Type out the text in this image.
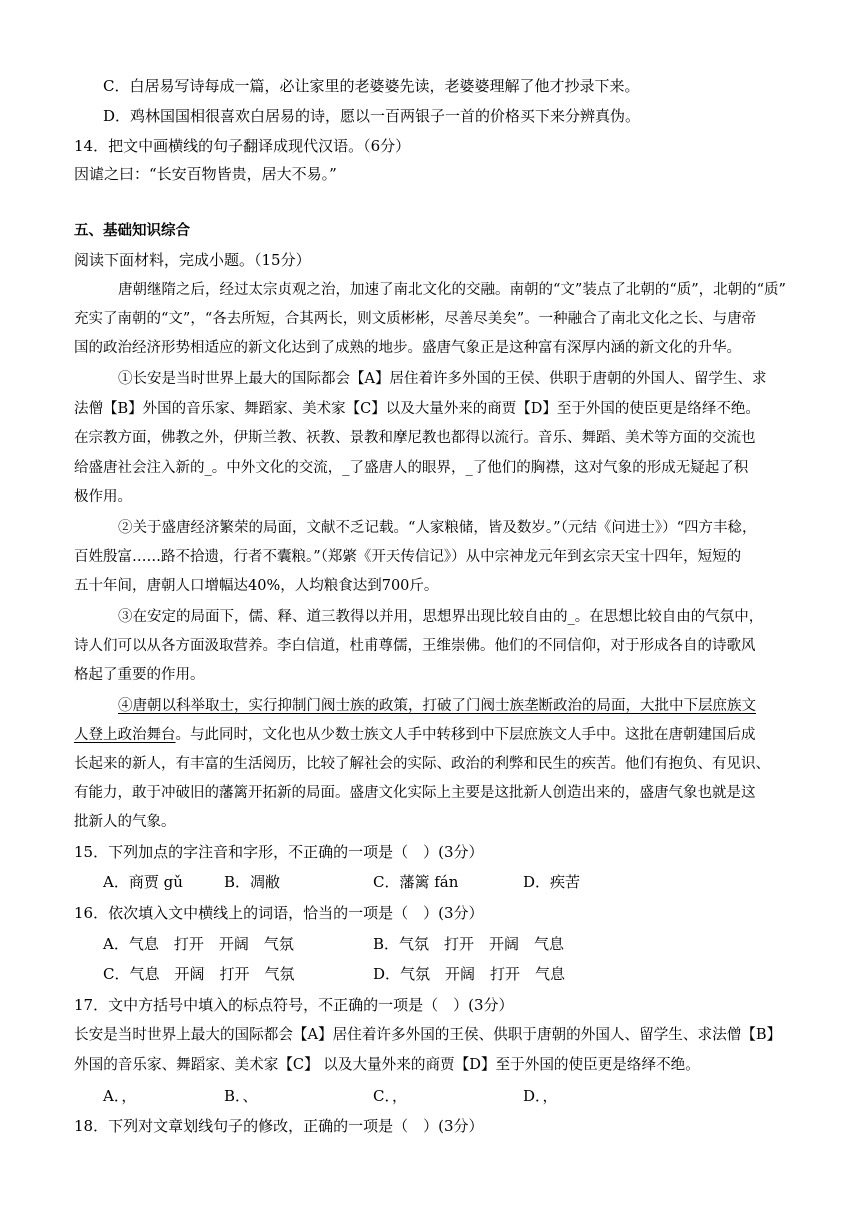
C．白居易写诗每成一篇，必让家里的老婆婆先读，老婆婆理解了他才抄录下来。
D．鸡林国国相很喜欢白居易的诗，愿以一百两银子一首的价格买下来分辨真伪。
14．把文中画横线的句子翻译成现代汉语。（6分）
因谑之曰：“长安百物皆贵，居大不易。”
五、基础知识综合
阅读下面材料，完成小题。（15分）
唐朝继隋之后，经过太宗贞观之治，加速了南北文化的交融。南朝的“文”装点了北朝的“质”，北朝的“质”
充实了南朝的“文”，“各去所短，合其两长，则文质彬彬，尽善尽美矣”。一种融合了南北文化之长、与唐帝
国的政治经济形势相适应的新文化达到了成熟的地步。盛唐气象正是这种富有深厚内涵的新文化的升华。
①长安是当时世界上最大的国际都会【A】居住着许多外国的王侯、供职于唐朝的外国人、留学生、求
法僧【B】外国的音乐家、舞蹈家、美术家【C】以及大量外来的商贾【D】至于外国的使臣更是络绎不绝。
在宗教方面，佛教之外，伊斯兰教、祆教、景教和摩尼教也都得以流行。音乐、舞蹈、美术等方面的交流也
给盛唐社会注入新的_。中外文化的交流，_了盛唐人的眼界，_了他们的胸襟，这对气象的形成无疑起了积
极作用。
②关于盛唐经济繁荣的局面，文献不乏记载。“人家粮储，皆及数岁。”（元结《问进士》）“四方丰稔，
百姓殷富……路不拾遗，行者不囊粮。”（郑綮《开天传信记》）从中宗神龙元年到玄宗天宝十四年，短短的
五十年间，唐朝人口增幅达40%，人均粮食达到700斤。
③在安定的局面下，儒、释、道三教得以并用，思想界出现比较自由的_。在思想比较自由的气氛中，
诗人们可以从各方面汲取营养。李白信道，杜甫尊儒，王维崇佛。他们的不同信仰，对于形成各自的诗歌风
格起了重要的作用。
④唐朝以科举取士，实行抑制门阀士族的政策，打破了门阀士族垄断政治的局面，大批中下层庶族文
人登上政治舞台。与此同时，文化也从少数士族文人手中转移到中下层庶族文人手中。这批在唐朝建国后成
长起来的新人，有丰富的生活阅历，比较了解社会的实际、政治的利弊和民生的疾苦。他们有抱负、有见识、
有能力，敢于冲破旧的藩篱开拓新的局面。盛唐文化实际上主要是这批新人创造出来的，盛唐气象也就是这
批新人的气象。
15．下列加点的字注音和字形，不正确的一项是（　）(3分）
A．商贾 gǔ	B．凋敝	C．藩篱 fán	D．疾苦
16．依次填入文中横线上的词语，恰当的一项是（　）(3分）
A．气息　打开　开阔　气氛	B．气氛　打开　开阔　气息
C．气息　开阔　打开　气氛	D．气氛　开阔　打开　气息
17．文中方括号中填入的标点符号，不正确的一项是（　）(3分）
长安是当时世界上最大的国际都会【A】居住着许多外国的王侯、供职于唐朝的外国人、留学生、求法僧【B】
外国的音乐家、舞蹈家、美术家【C】 以及大量外来的商贾【D】至于外国的使臣更是络绎不绝。
A．，	B．、	C．，	D．，
18．下列对文章划线句子的修改，正确的一项是（　）(3分）
